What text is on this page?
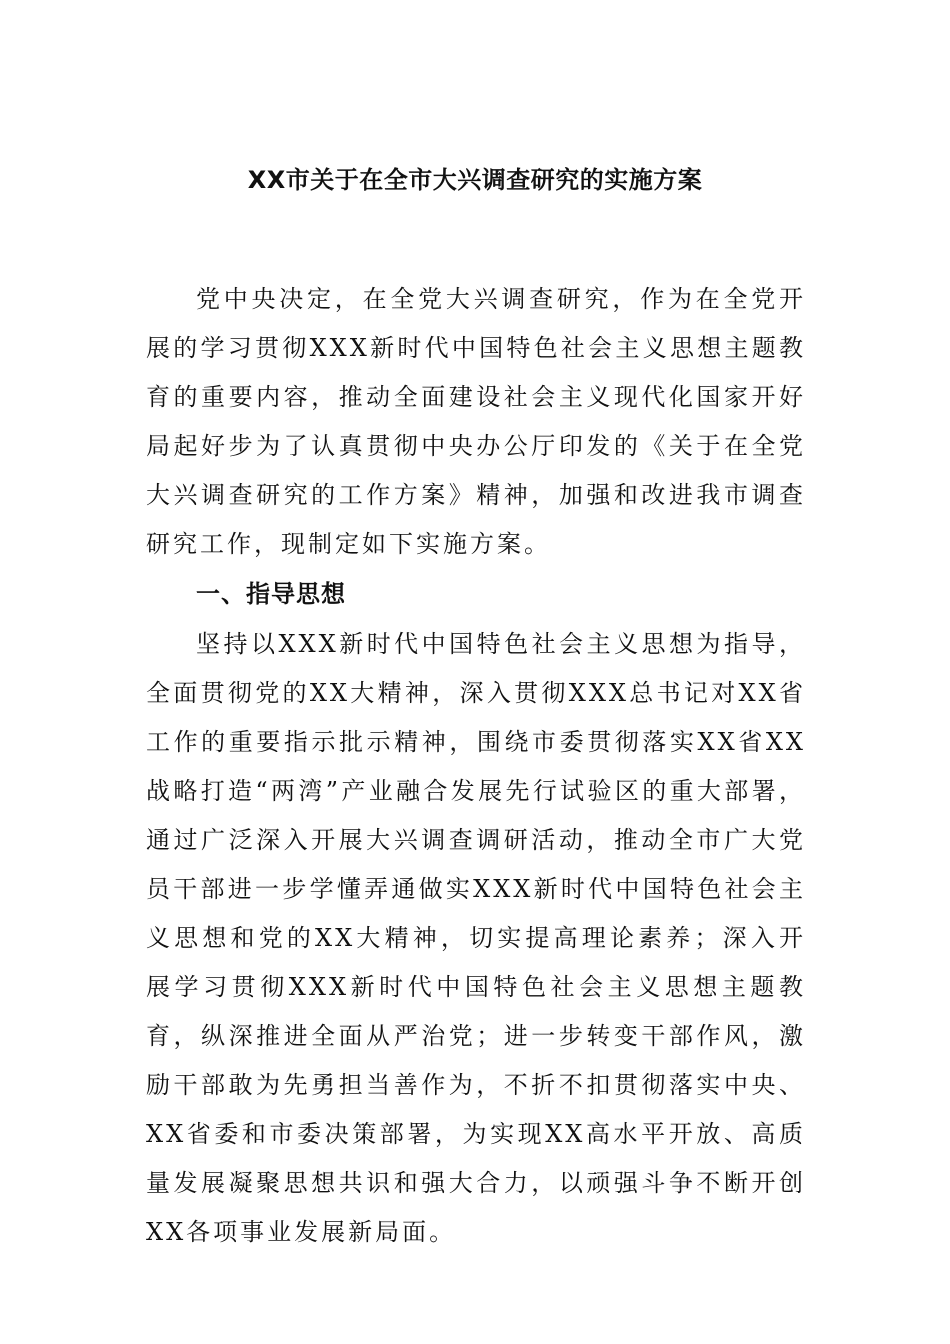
XX市关于在全市大兴调查研究的实施方案

党中央决定，在全党大兴调查研究，作为在全党开展的学习贯彻XXX新时代中国特色社会主义思想主题教育的重要内容，推动全面建设社会主义现代化国家开好局起好步为了认真贯彻中央办公厅印发的《关于在全党大兴调查研究的工作方案》精神，加强和改进我市调查研究工作，现制定如下实施方案。

一、指导思想

坚持以XXX新时代中国特色社会主义思想为指导，全面贯彻党的XX大精神，深入贯彻XXX总书记对XX省工作的重要指示批示精神，围绕市委贯彻落实XX省XX战略打造“两湾”产业融合发展先行试验区的重大部署，通过广泛深入开展大兴调查调研活动，推动全市广大党员干部进一步学懂弄通做实XXX新时代中国特色社会主义思想和党的XX大精神，切实提高理论素养；深入开展学习贯彻XXX新时代中国特色社会主义思想主题教育，纵深推进全面从严治党；进一步转变干部作风，激励干部敢为先勇担当善作为，不折不扣贯彻落实中央、XX省委和市委决策部署，为实现XX高水平开放、高质量发展凝聚思想共识和强大合力，以顽强斗争不断开创XX各项事业发展新局面。
